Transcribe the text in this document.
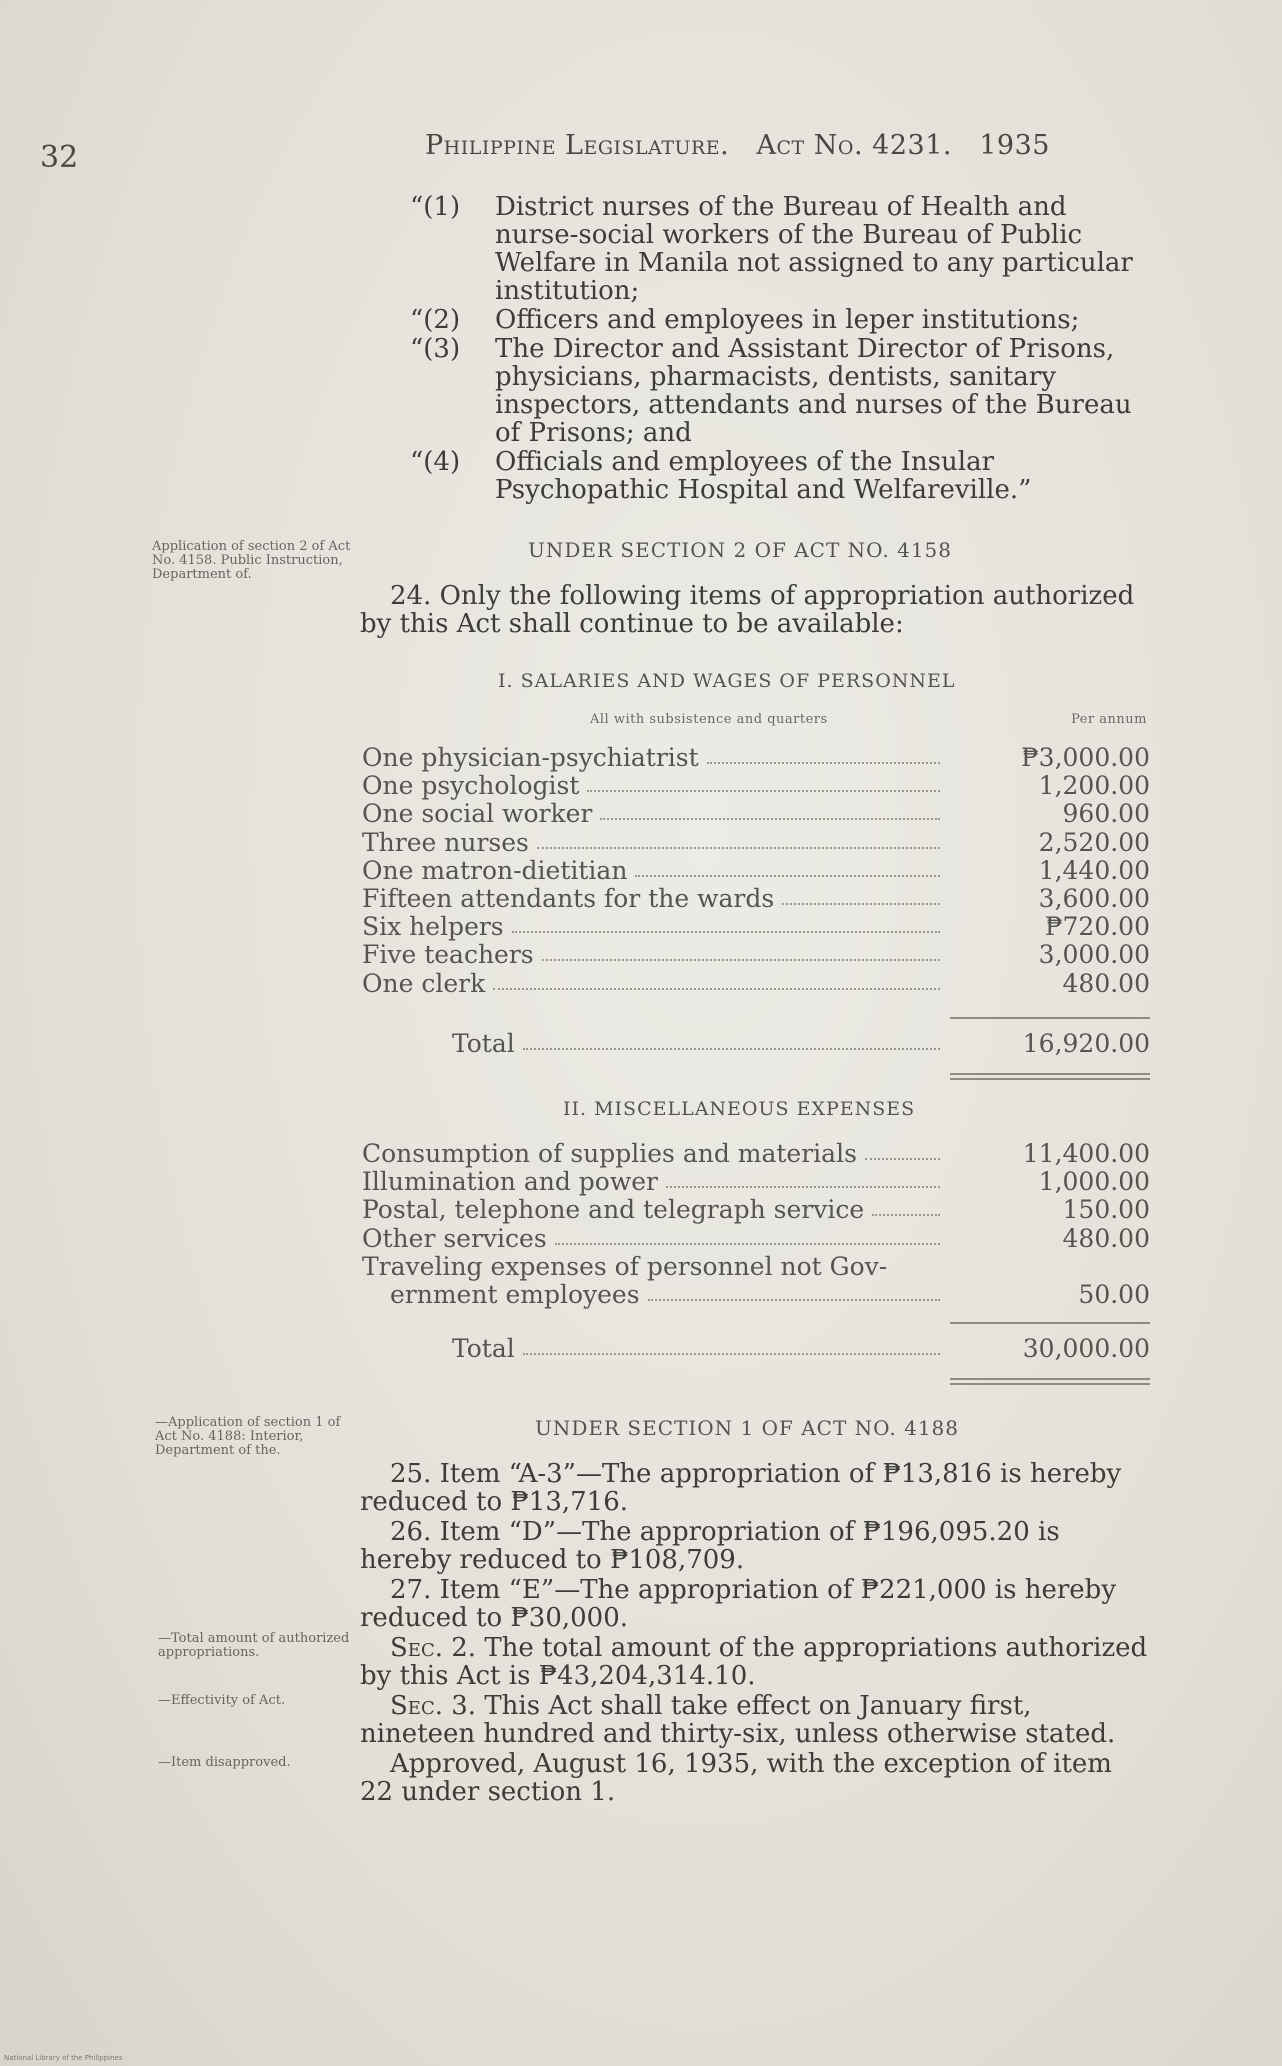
32	Philippine Legislature. Act No. 4231. 1935
“(1) District nurses of the Bureau of Health and nurse-social workers of the Bureau of Public Welfare in Manila not assigned to any particular institution;
“(2) Officers and employees in leper institutions;
“(3) The Director and Assistant Director of Prisons, physicians, pharmacists, dentists, sanitary inspectors, attendants and nurses of the Bureau of Prisons; and
“(4) Officials and employees of the Insular Psychopathic Hospital and Welfareville.”
UNDER SECTION 2 OF ACT NO. 4158
Application of section 2 of Act No. 4158. Public Instruction, Department of.
24. Only the following items of appropriation authorized by this Act shall continue to be available:
I. SALARIES AND WAGES OF PERSONNEL
All with subsistence and quarters	Per annum
One physician-psychiatrist	₱3,000.00
One psychologist	1,200.00
One social worker	960.00
Three nurses	2,520.00
One matron-dietitian	1,440.00
Fifteen attendants for the wards	3,600.00
Six helpers	₱720.00
Five teachers	3,000.00
One clerk	480.00
Total	16,920.00
II. MISCELLANEOUS EXPENSES
Consumption of supplies and materials	11,400.00
Illumination and power	1,000.00
Postal, telephone and telegraph service	150.00
Other services	480.00
Traveling expenses of personnel not Gov-
ernment employees	50.00
Total	30,000.00
UNDER SECTION 1 OF ACT NO. 4188
—Application of section 1 of Act No. 4188: Interior, Department of the.
25. Item “A-3”—The appropriation of ₱13,816 is hereby reduced to ₱13,716.
26. Item “D”—The appropriation of ₱196,095.20 is hereby reduced to ₱108,709.
27. Item “E”—The appropriation of ₱221,000 is hereby reduced to ₱30,000.
—Total amount of authorized appropriations.	Sec. 2. The total amount of the appropriations authorized by this Act is ₱43,204,314.10.
—Effectivity of Act.	Sec. 3. This Act shall take effect on January first, nineteen hundred and thirty-six, unless otherwise stated.
—Item disapproved.	Approved, August 16, 1935, with the exception of item 22 under section 1.
National Library of the Philippines
